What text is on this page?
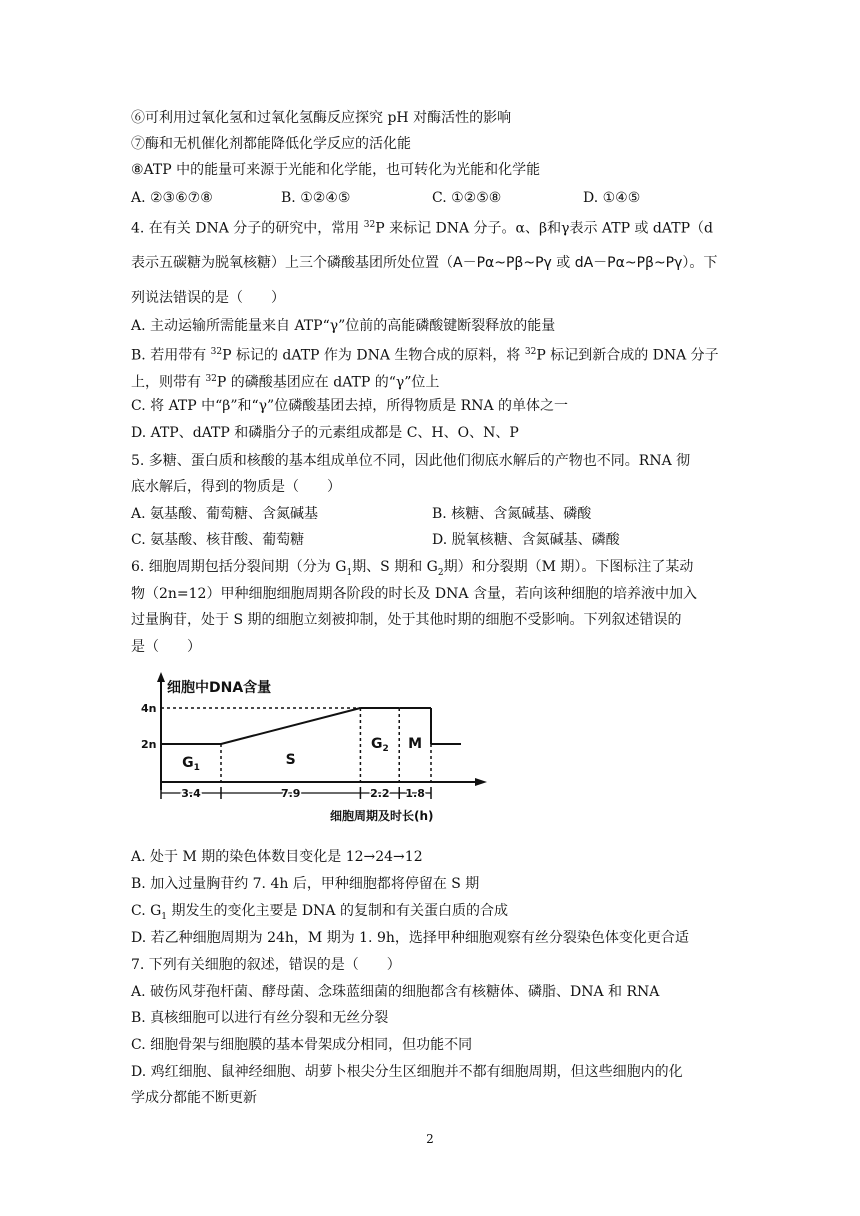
⑥可利用过氧化氢和过氧化氢酶反应探究 pH 对酶活性的影响
⑦酶和无机催化剂都能降低化学反应的活化能
⑧ATP 中的能量可来源于光能和化学能，也可转化为光能和化学能
A. ②③⑥⑦⑧	B. ①②④⑤	C. ①②⑤⑧	D. ①④⑤
4. 在有关 DNA 分子的研究中，常用 $^{32}$P 来标记 DNA 分子。α、β和γ表示 ATP 或 dATP（d
表示五碳糖为脱氧核糖）上三个磷酸基团所处位置（A－Pα~Pβ~Pγ 或 dA－Pα~Pβ~Pγ）。下
列说法错误的是（　　）
A. 主动运输所需能量来自 ATP“γ”位前的高能磷酸键断裂释放的能量
B. 若用带有 $^{32}$P 标记的 dATP 作为 DNA 生物合成的原料，将 $^{32}$P 标记到新合成的 DNA 分子
上，则带有 $^{32}$P 的磷酸基团应在 dATP 的“γ”位上
C. 将 ATP 中“β”和“γ”位磷酸基团去掉，所得物质是 RNA 的单体之一
D. ATP、dATP 和磷脂分子的元素组成都是 C、H、O、N、P
5. 多糖、蛋白质和核酸的基本组成单位不同，因此他们彻底水解后的产物也不同。RNA 彻
底水解后，得到的物质是（　　）
A. 氨基酸、葡萄糖、含氮碱基	B. 核糖、含氮碱基、磷酸
C. 氨基酸、核苷酸、葡萄糖	D. 脱氧核糖、含氮碱基、磷酸
6. 细胞周期包括分裂间期（分为 $G_1$期、S 期和 $G_2$期）和分裂期（M 期）。下图标注了某动
物（2n=12）甲种细胞细胞周期各阶段的时长及 DNA 含量，若向该种细胞的培养液中加入
过量胸苷，处于 S 期的细胞立刻被抑制，处于其他时期的细胞不受影响。下列叙述错误的
是（　　）
细胞中DNA含量
4n
2n
$G_1$	S
$G_2$ M
3.4	7.9	2.2 1.8
细胞周期及时长(h)
A. 处于 M 期的染色体数目变化是 12→24→12
B. 加入过量胸苷约 7. 4h 后，甲种细胞都将停留在 S 期
C. $G_1$ 期发生的变化主要是 DNA 的复制和有关蛋白质的合成
D. 若乙种细胞周期为 24h，M 期为 1. 9h，选择甲种细胞观察有丝分裂染色体变化更合适
7. 下列有关细胞的叙述，错误的是（　　）
A. 破伤风芽孢杆菌、酵母菌、念珠蓝细菌的细胞都含有核糖体、磷脂、DNA 和 RNA
B. 真核细胞可以进行有丝分裂和无丝分裂
C. 细胞骨架与细胞膜的基本骨架成分相同，但功能不同
D. 鸡红细胞、鼠神经细胞、胡萝卜根尖分生区细胞并不都有细胞周期，但这些细胞内的化
学成分都能不断更新
2
